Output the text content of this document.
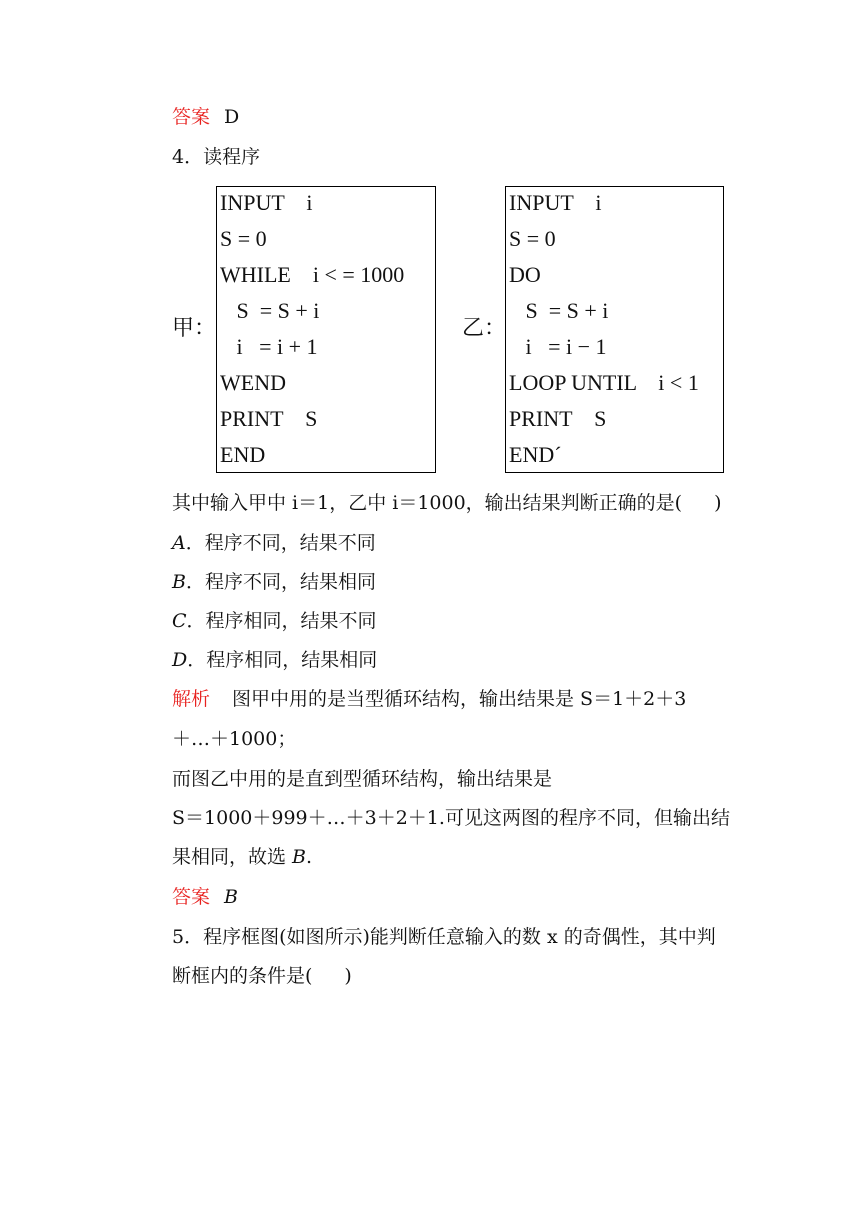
答案 D
4．读程序
甲：
INPUT    i
S = 0
WHILE    i < = 1000
S  = S + i
i   = i + 1
WEND
PRINT    S
END
乙：
INPUT    i
S = 0
DO
S  = S + i
i   = i − 1
LOOP UNTIL    i < 1
PRINT    S
END´
其中输入甲中 i＝1，乙中 i＝1000，输出结果判断正确的是( )
A．程序不同，结果不同
B．程序不同，结果相同
C．程序相同，结果不同
D．程序相同，结果相同
解析 图甲中用的是当型循环结构，输出结果是 S＝1＋2＋3
＋…＋1000；
而图乙中用的是直到型循环结构，输出结果是
S＝1000＋999＋…＋3＋2＋1.可见这两图的程序不同，但输出结
果相同，故选 B.
答案 B
5．程序框图(如图所示)能判断任意输入的数 x 的奇偶性，其中判
断框内的条件是( )
